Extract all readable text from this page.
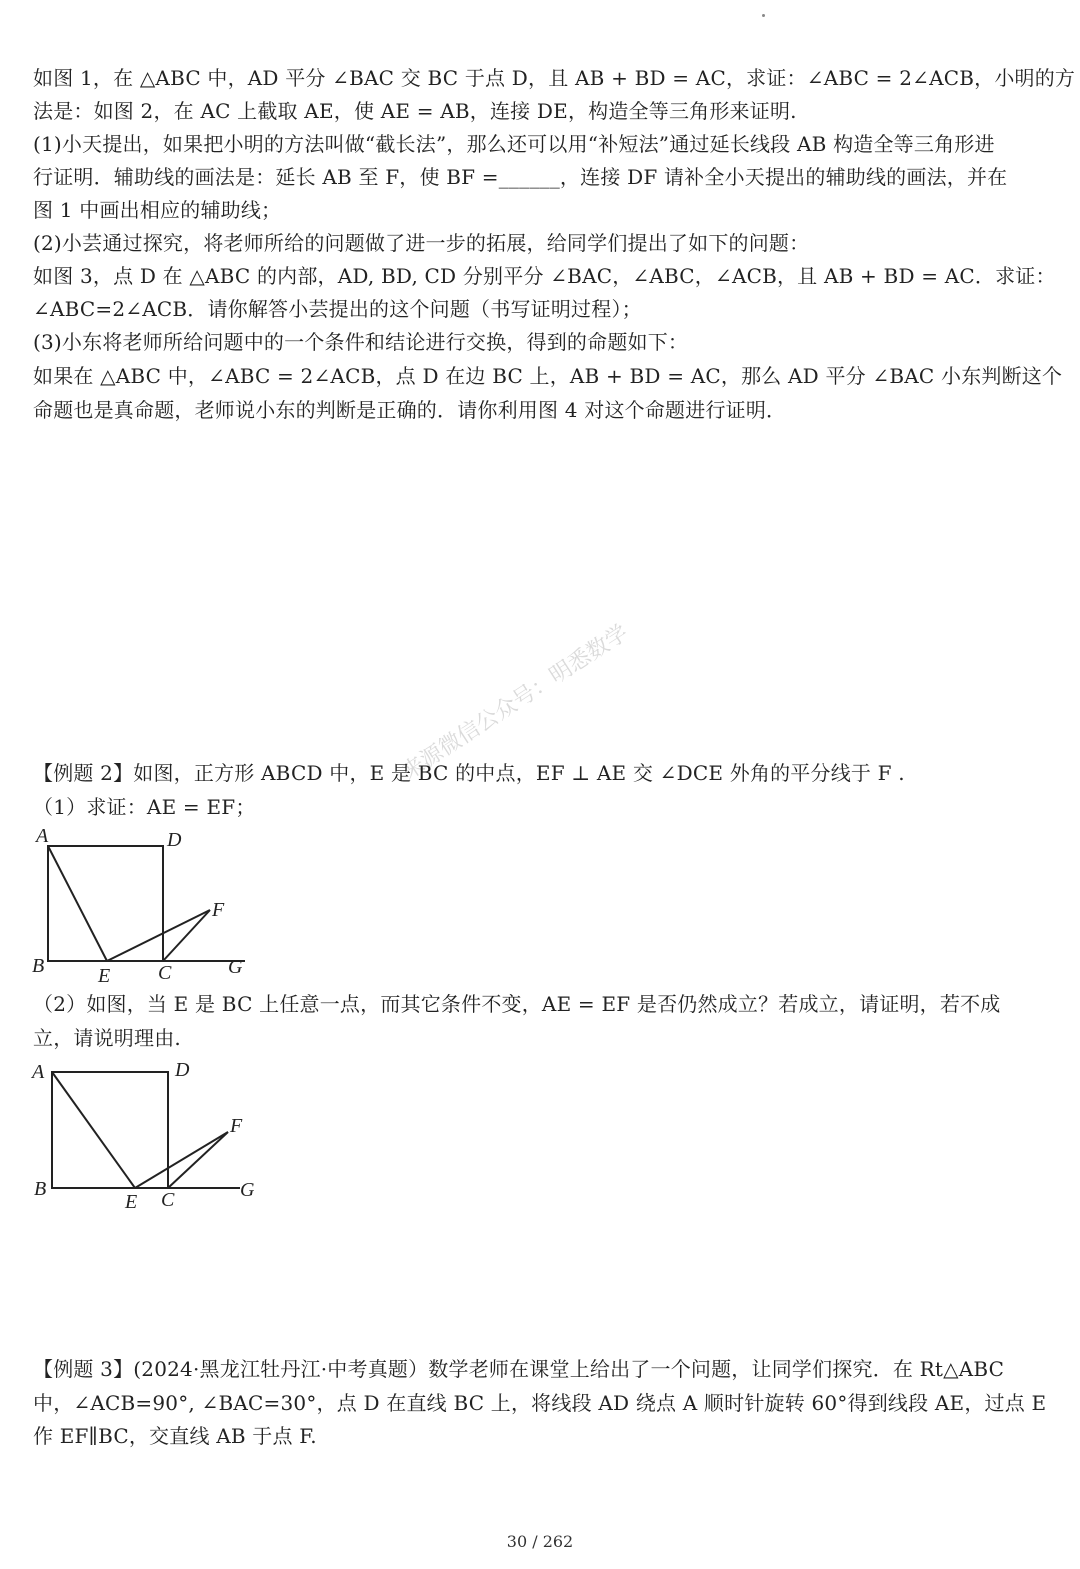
如图 1，在 △ABC 中，AD 平分 ∠BAC 交 BC 于点 D，且 AB + BD = AC，求证：∠ABC = 2∠ACB，小明的方
法是：如图 2，在 AC 上截取 AE，使 AE = AB，连接 DE，构造全等三角形来证明.
(1)小天提出，如果把小明的方法叫做“截长法”，那么还可以用“补短法”通过延长线段 AB 构造全等三角形进
行证明．辅助线的画法是：延长 AB 至 F，使 BF =______，连接 DF 请补全小天提出的辅助线的画法，并在
图 1 中画出相应的辅助线；
(2)小芸通过探究，将老师所给的问题做了进一步的拓展，给同学们提出了如下的问题：
如图 3，点 D 在 △ABC 的内部，AD, BD, CD 分别平分 ∠BAC，∠ABC，∠ACB，且 AB + BD = AC．求证：
∠ABC=2∠ACB．请你解答小芸提出的这个问题（书写证明过程）；
(3)小东将老师所给问题中的一个条件和结论进行交换，得到的命题如下：
如果在 △ABC 中，∠ABC = 2∠ACB，点 D 在边 BC 上，AB + BD = AC，那么 AD 平分 ∠BAC 小东判断这个
命题也是真命题，老师说小东的判断是正确的．请你利用图 4 对这个命题进行证明．
来源微信公众号：明悉数学
【例题 2】如图，正方形 ABCD 中，E 是 BC 的中点，EF ⊥ AE 交 ∠DCE 外角的平分线于 F .
（1）求证：AE = EF；
A	D
B	E C
F
G
（2）如图，当 E 是 BC 上任意一点，而其它条件不变，AE = EF 是否仍然成立？若成立，请证明，若不成
立，请说明理由.
A	D
B
E C
F
G
【例题 3】(2024·黑龙江牡丹江·中考真题）数学老师在课堂上给出了一个问题，让同学们探究．在 Rt△ABC
中，∠ACB=90°, ∠BAC=30°，点 D 在直线 BC 上，将线段 AD 绕点 A 顺时针旋转 60°得到线段 AE，过点 E
作 EF∥BC，交直线 AB 于点 F.
30 / 262
